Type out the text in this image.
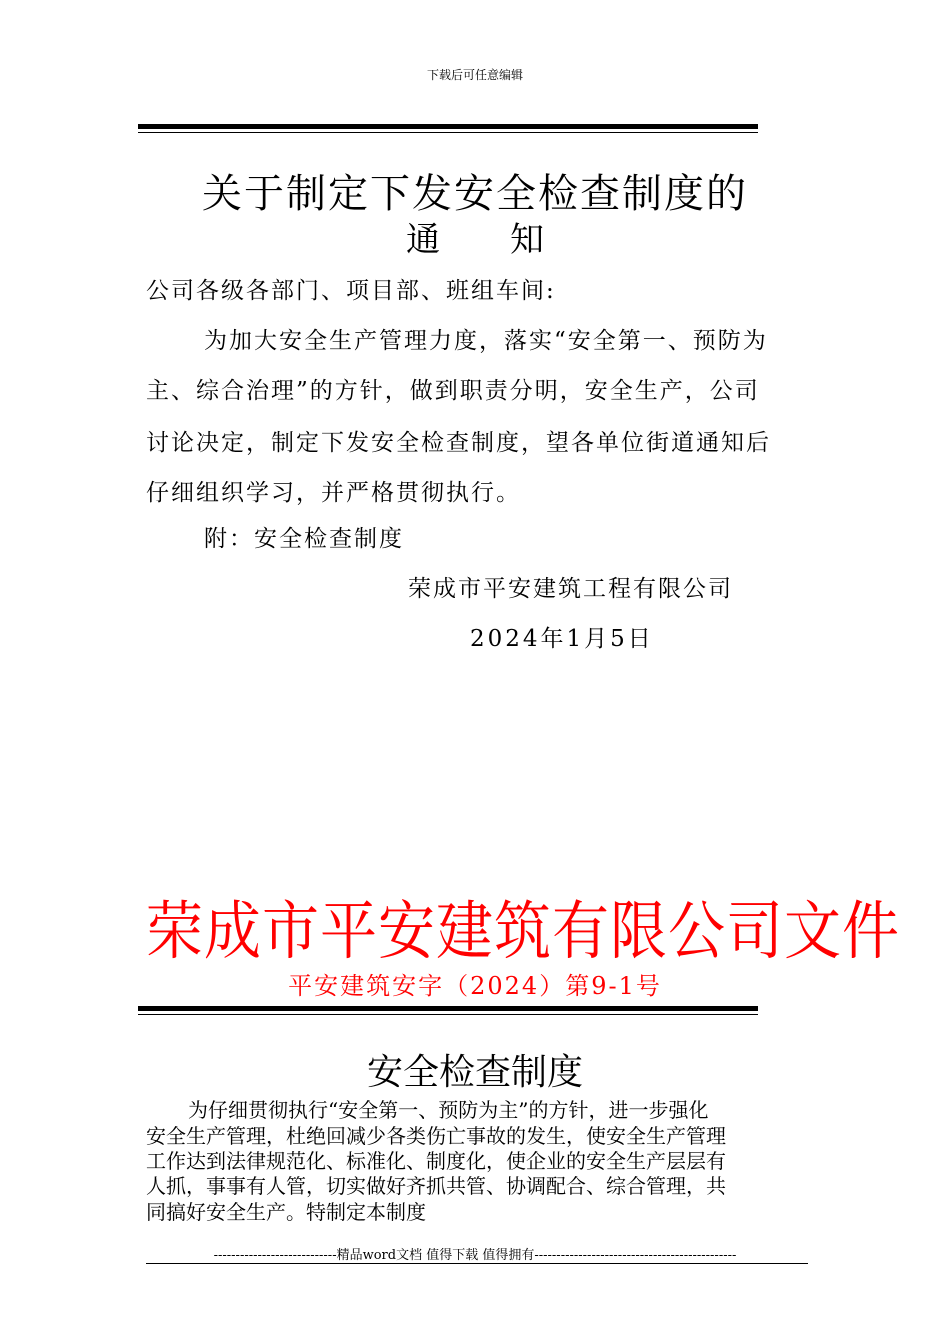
下载后可任意编辑
关于制定下发安全检查制度的
通 知
公司各级各部门、项目部、班组车间:
为加大安全生产管理力度，落实“安全第一、预防为
主、综合治理”的方针，做到职责分明，安全生产，公司
讨论决定，制定下发安全检查制度，望各单位街道通知后
仔细组织学习，并严格贯彻执行。
附：安全检查制度
荣成市平安建筑工程有限公司
2024年1月5日
荣成市平安建筑有限公司文件
平安建筑安字（2024）第9-1号
安全检查制度
为仔细贯彻执行“安全第一、预防为主”的方针，进一步强化
安全生产管理，杜绝回减少各类伤亡事故的发生，使安全生产管理
工作达到法律规范化、标准化、制度化，使企业的安全生产层层有
人抓，事事有人管，切实做好齐抓共管、协调配合、综合管理，共
同搞好安全生产。特制定本制度
----------------------------精品word文档 值得下载 值得拥有----------------------------------------------
